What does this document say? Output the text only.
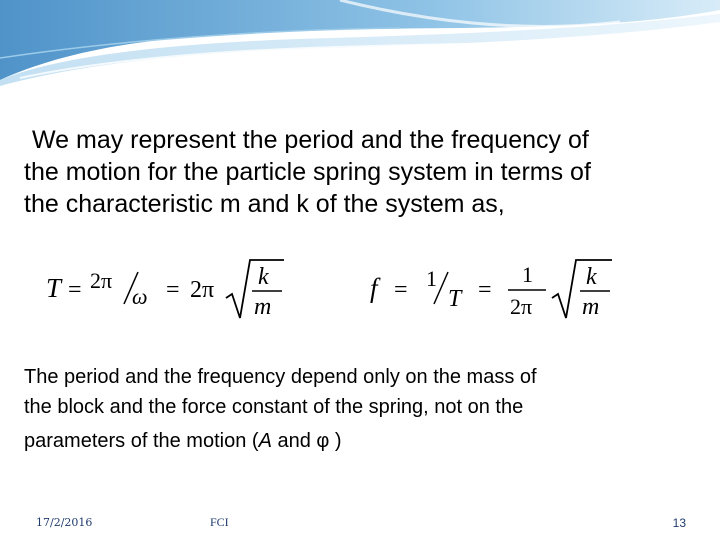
We may represent the period and the frequency of
the motion for the particle spring system in terms of
the characteristic m and k of the system as,
T = 2π
ω = 2π k
m
f = 1
T =
1
2π
k
m
The period and the frequency depend only on the mass of
the block and the force constant of the spring, not on the
parameters of the motion (A and φ )
17/2/2016	FCI	13
